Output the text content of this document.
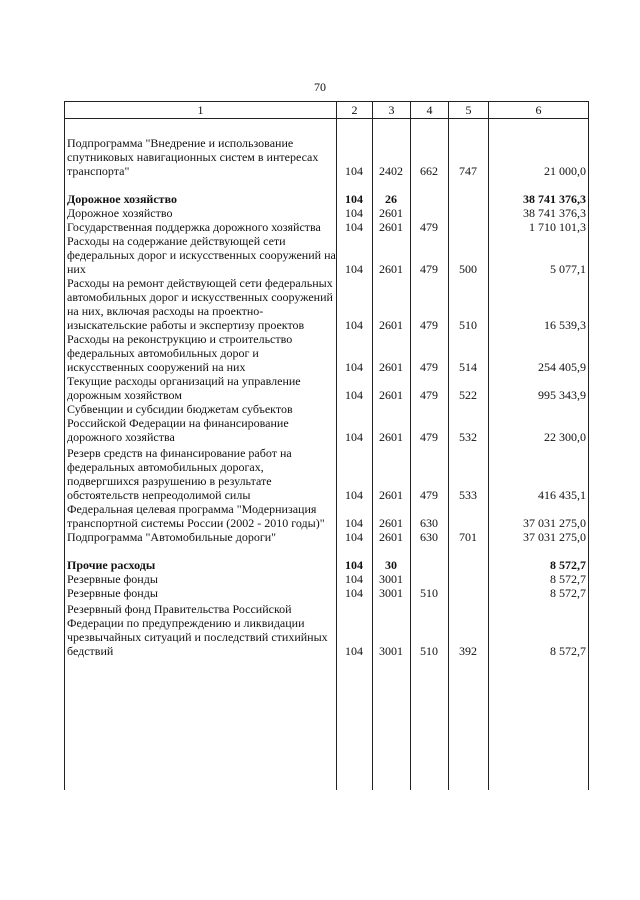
70
1	2	3	4	5	6
Подпрограмма "Внедрение и использование спутниковых навигационных систем в интересах транспорта"	104	2402	662	747	21 000,0
Дорожное хозяйство	104	26			38 741 376,3
Дорожное хозяйство	104	2601			38 741 376,3
Государственная поддержка дорожного хозяйства	104	2601	479		1 710 101,3
Расходы на содержание действующей сети федеральных дорог и искусственных сооружений на них	104	2601	479	500	5 077,1
Расходы на ремонт действующей сети федеральных автомобильных дорог и искусственных сооружений на них, включая расходы на проектно-изыскательские работы и экспертизу проектов	104	2601	479	510	16 539,3
Расходы на реконструкцию и строительство федеральных автомобильных дорог и искусственных сооружений на них	104	2601	479	514	254 405,9
Текущие расходы организаций на управление дорожным хозяйством	104	2601	479	522	995 343,9
Субвенции и субсидии бюджетам субъектов Российской Федерации на финансирование дорожного хозяйства	104	2601	479	532	22 300,0
Резерв средств на финансирование работ на федеральных автомобильных дорогах, подвергшихся разрушению в результате обстоятельств непреодолимой силы	104	2601	479	533	416 435,1
Федеральная целевая программа "Модернизация транспортной системы России (2002 - 2010 годы)"	104	2601	630		37 031 275,0
Подпрограмма "Автомобильные дороги"	104	2601	630	701	37 031 275,0
Прочие расходы	104	30			8 572,7
Резервные фонды	104	3001			8 572,7
Резервные фонды	104	3001	510		8 572,7
Резервный фонд Правительства Российской Федерации по предупреждению и ликвидации чрезвычайных ситуаций и последствий стихийных бедствий	104	3001	510	392	8 572,7
